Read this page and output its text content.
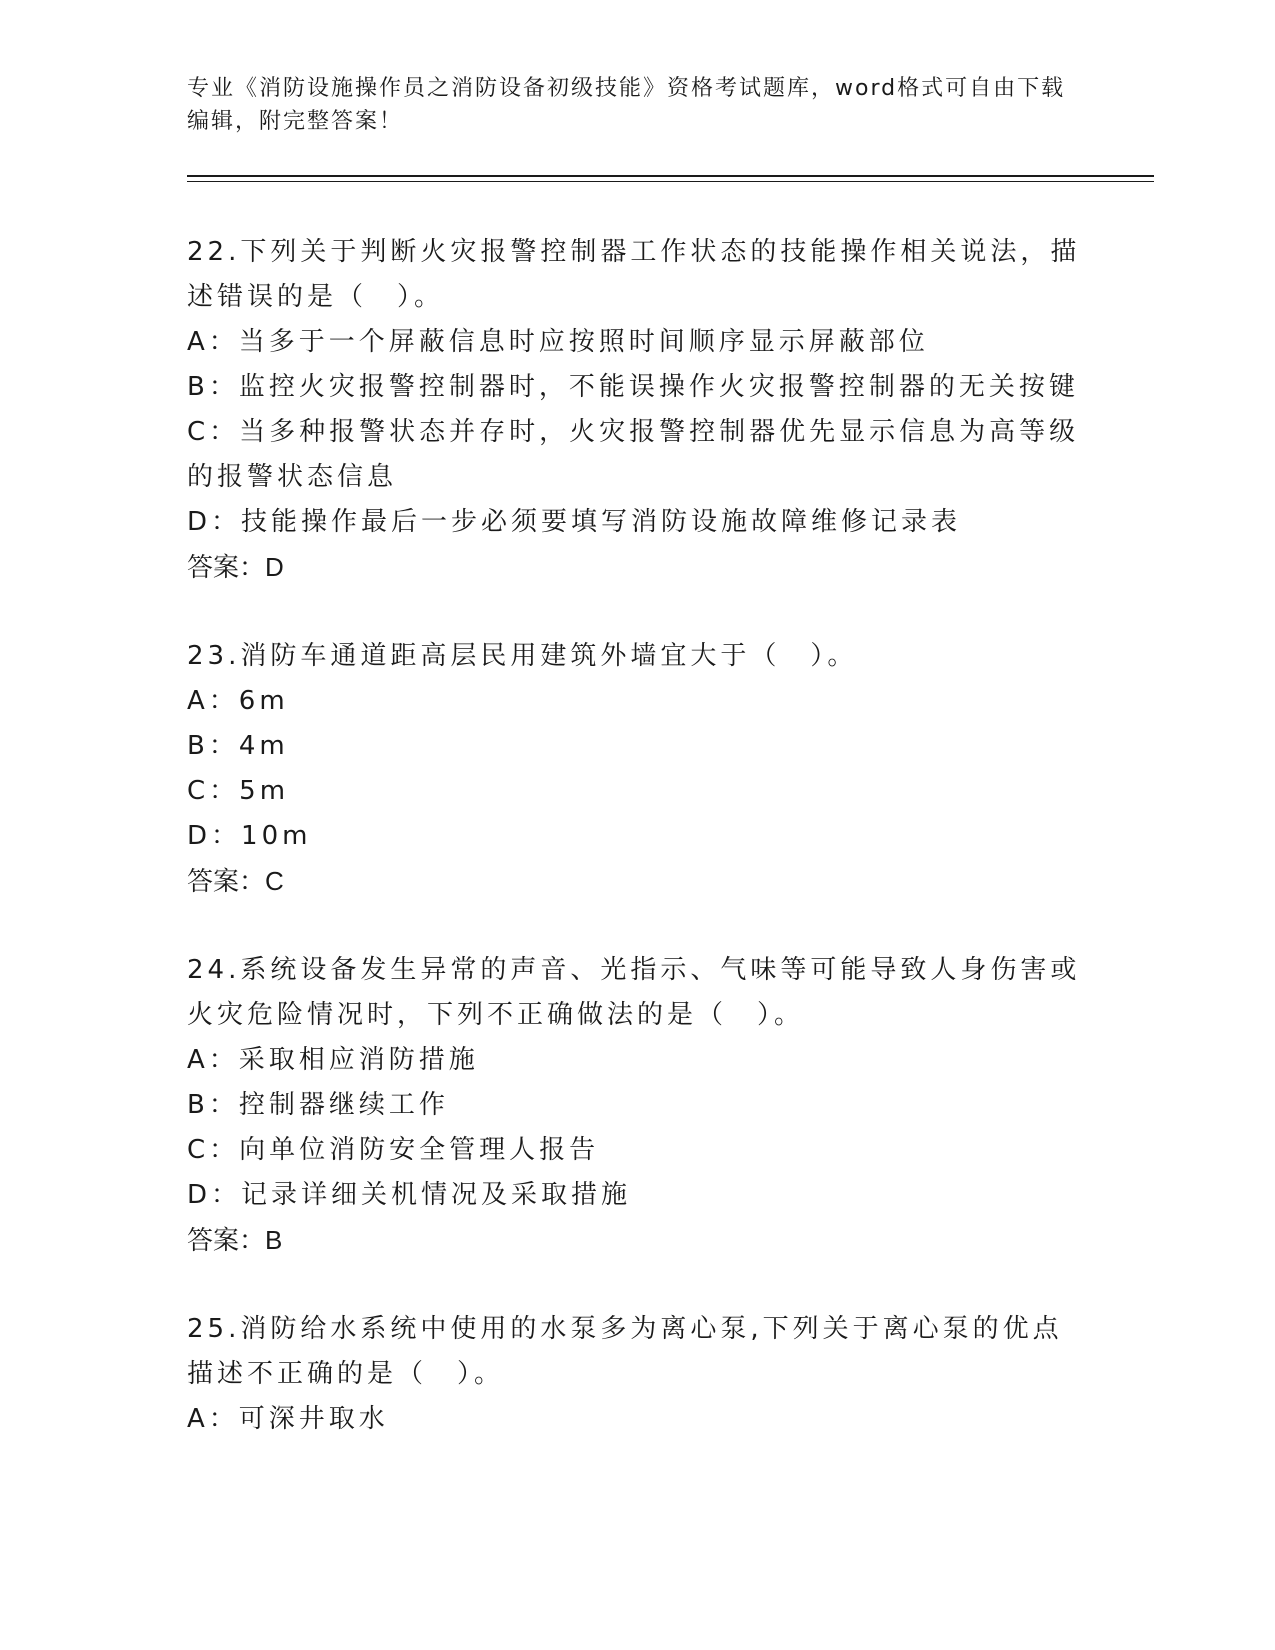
专业《消防设施操作员之消防设备初级技能》资格考试题库，word格式可自由下载编辑，附完整答案！

22.下列关于判断火灾报警控制器工作状态的技能操作相关说法，描述错误的是（　）。

A：当多于一个屏蔽信息时应按照时间顺序显示屏蔽部位

B：监控火灾报警控制器时，不能误操作火灾报警控制器的无关按键

C：当多种报警状态并存时，火灾报警控制器优先显示信息为高等级的报警状态信息

D：技能操作最后一步必须要填写消防设施故障维修记录表

答案：D

23.消防车通道距高层民用建筑外墙宜大于（　）。

A：6m

B：4m

C：5m

D：10m

答案：C

24.系统设备发生异常的声音、光指示、气味等可能导致人身伤害或火灾危险情况时，下列不正确做法的是（　）。

A：采取相应消防措施

B：控制器继续工作

C：向单位消防安全管理人报告

D：记录详细关机情况及采取措施

答案：B

25.消防给水系统中使用的水泵多为离心泵,下列关于离心泵的优点描述不正确的是（　）。

A：可深井取水
